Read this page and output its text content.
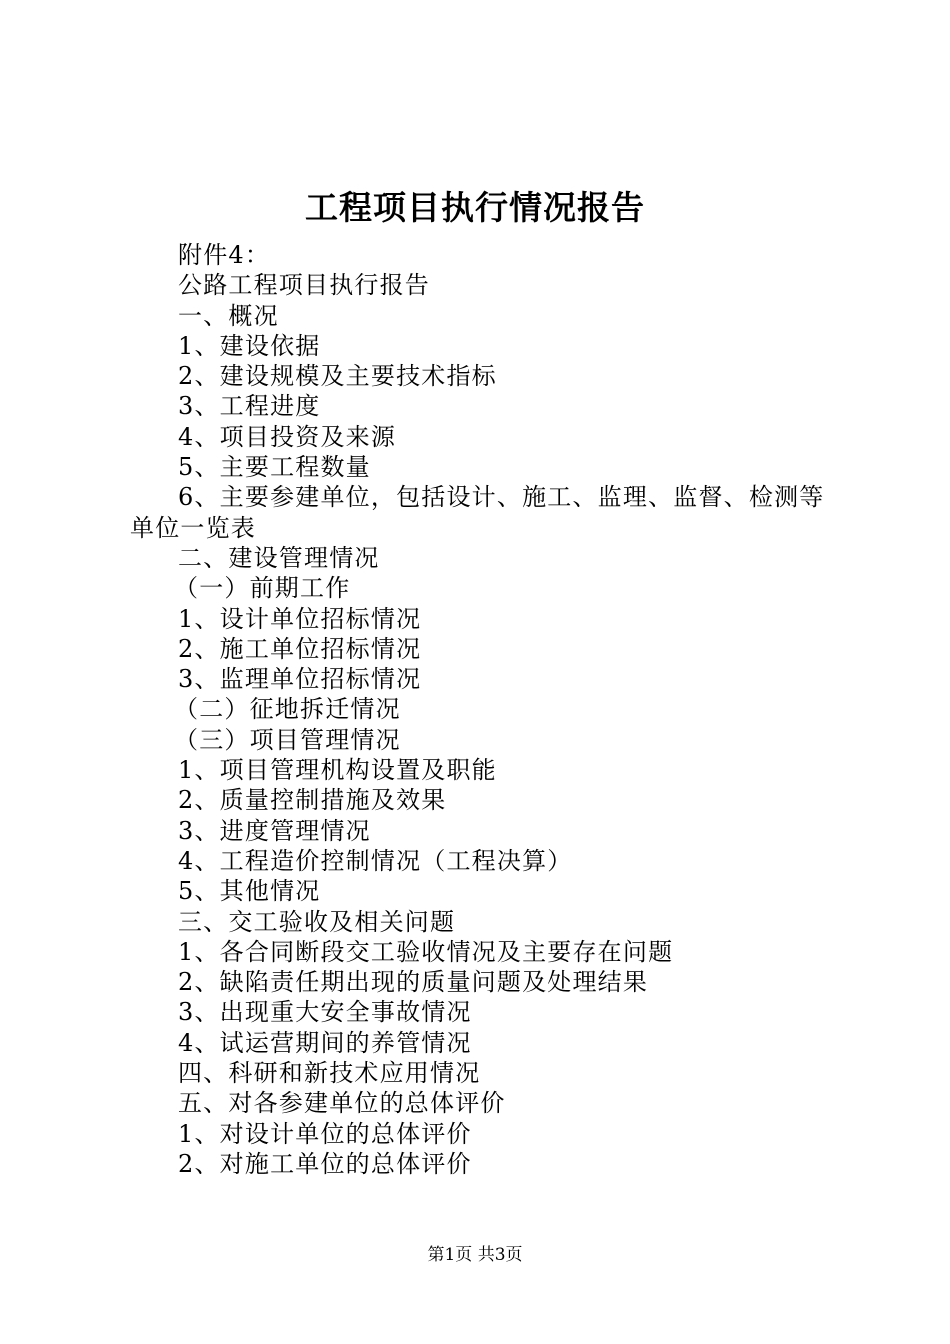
工程项目执行情况报告
附件4：
公路工程项目执行报告
一、概况
1、建设依据
2、建设规模及主要技术指标
3、工程进度
4、项目投资及来源
5、主要工程数量
6、主要参建单位，包括设计、施工、监理、监督、检测等
单位一览表
二、建设管理情况
（一）前期工作
1、设计单位招标情况
2、施工单位招标情况
3、监理单位招标情况
（二）征地拆迁情况
（三）项目管理情况
1、项目管理机构设置及职能
2、质量控制措施及效果
3、进度管理情况
4、工程造价控制情况（工程决算）
5、其他情况
三、交工验收及相关问题
1、各合同断段交工验收情况及主要存在问题
2、缺陷责任期出现的质量问题及处理结果
3、出现重大安全事故情况
4、试运营期间的养管情况
四、科研和新技术应用情况
五、对各参建单位的总体评价
1、对设计单位的总体评价
2、对施工单位的总体评价
第1页 共3页
